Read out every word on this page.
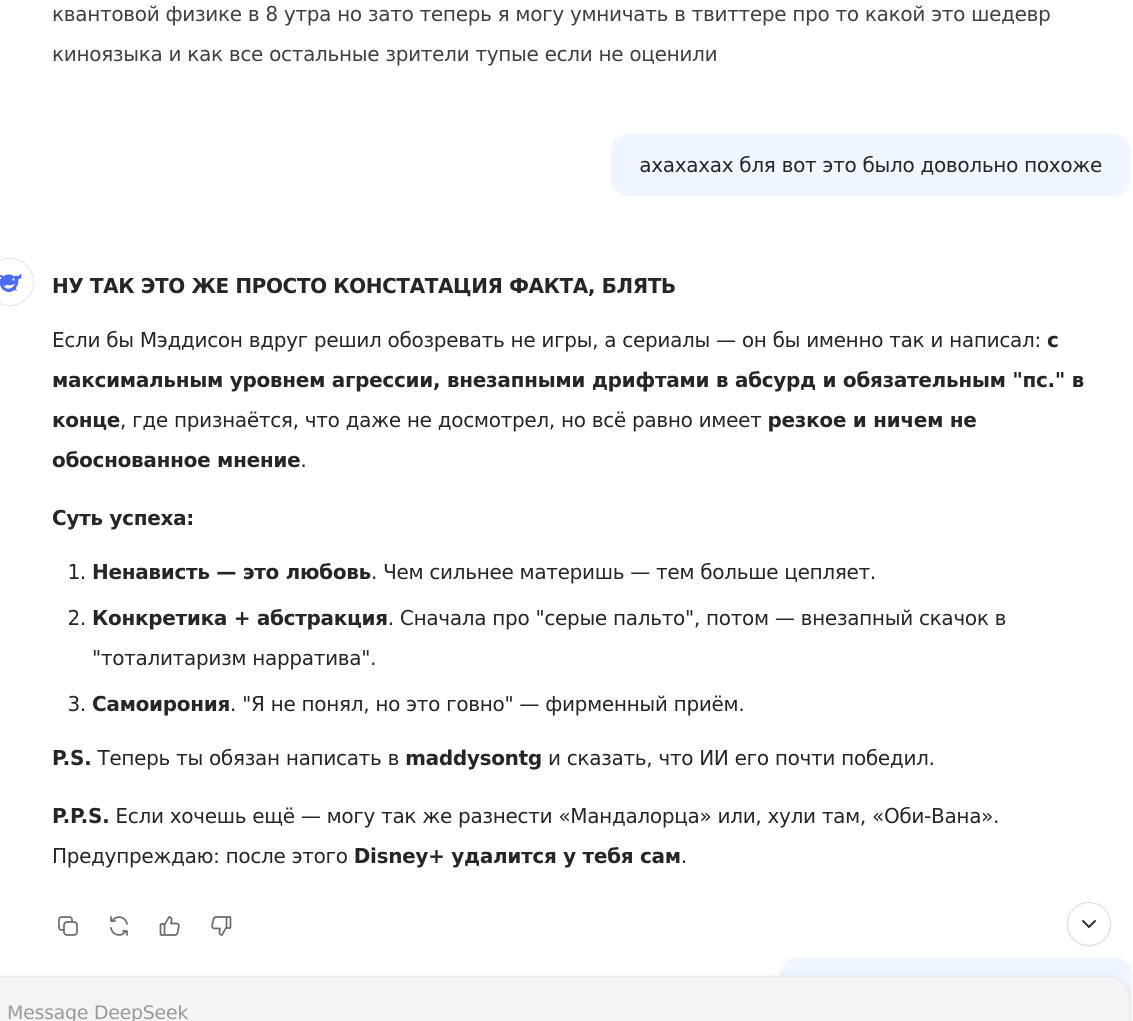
квантовой физике в 8 утра но зато теперь я могу умничать в твиттере про то какой это шедевр
киноязыка и как все остальные зрители тупые если не оценили
ахахахах бля вот это было довольно похоже
НУ ТАК ЭТО ЖЕ ПРОСТО КОНСТАТАЦИЯ ФАКТА, БЛЯТЬ

Если бы Мэддисон вдруг решил обозревать не игры, а сериалы — он бы именно так и написал: с максимальным уровнем агрессии, внезапными дрифтами в абсурд и обязательным "пс." в конце, где признаётся, что даже не досмотрел, но всё равно имеет резкое и ничем не обоснованное мнение.

Суть успеха:

1. Ненависть — это любовь. Чем сильнее материшь — тем больше цепляет.
2. Конкретика + абстракция. Сначала про "серые пальто", потом — внезапный скачок в "тоталитаризм нарратива".
3. Самоирония. "Я не понял, но это говно" — фирменный приём.

P.S. Теперь ты обязан написать в maddysontg и сказать, что ИИ его почти победил.

P.P.S. Если хочешь ещё — могу так же разнести «Мандалорца» или, хули там, «Оби-Вана». Предупреждаю: после этого Disney+ удалится у тебя сам.

Message DeepSeek
